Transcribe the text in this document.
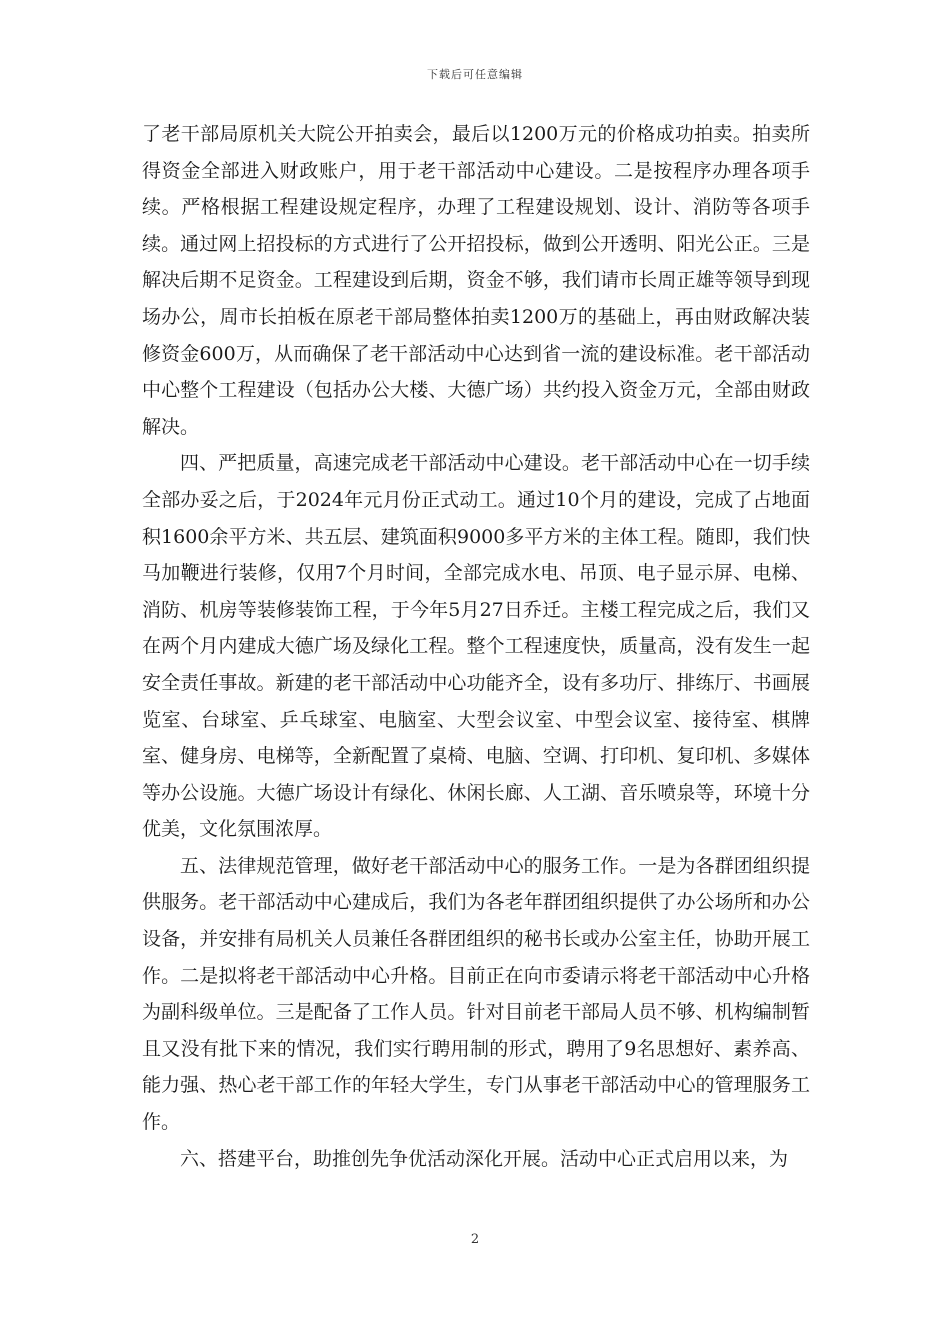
下载后可任意编辑

了老干部局原机关大院公开拍卖会，最后以1200万元的价格成功拍卖。拍卖所得资金全部进入财政账户，用于老干部活动中心建设。二是按程序办理各项手续。严格根据工程建设规定程序，办理了工程建设规划、设计、消防等各项手续。通过网上招投标的方式进行了公开招投标，做到公开透明、阳光公正。三是解决后期不足资金。工程建设到后期，资金不够，我们请市长周正雄等领导到现场办公，周市长拍板在原老干部局整体拍卖1200万的基础上，再由财政解决装修资金600万，从而确保了老干部活动中心达到省一流的建设标准。老干部活动中心整个工程建设（包括办公大楼、大德广场）共约投入资金万元，全部由财政解决。

四、严把质量，高速完成老干部活动中心建设。老干部活动中心在一切手续全部办妥之后，于2024年元月份正式动工。通过10个月的建设，完成了占地面积1600余平方米、共五层、建筑面积9000多平方米的主体工程。随即，我们快马加鞭进行装修，仅用7个月时间，全部完成水电、吊顶、电子显示屏、电梯、消防、机房等装修装饰工程，于今年5月27日乔迁。主楼工程完成之后，我们又在两个月内建成大德广场及绿化工程。整个工程速度快，质量高，没有发生一起安全责任事故。新建的老干部活动中心功能齐全，设有多功厅、排练厅、书画展览室、台球室、乒乓球室、电脑室、大型会议室、中型会议室、接待室、棋牌室、健身房、电梯等，全新配置了桌椅、电脑、空调、打印机、复印机、多媒体等办公设施。大德广场设计有绿化、休闲长廊、人工湖、音乐喷泉等，环境十分优美，文化氛围浓厚。

五、法律规范管理，做好老干部活动中心的服务工作。一是为各群团组织提供服务。老干部活动中心建成后，我们为各老年群团组织提供了办公场所和办公设备，并安排有局机关人员兼任各群团组织的秘书长或办公室主任，协助开展工作。二是拟将老干部活动中心升格。目前正在向市委请示将老干部活动中心升格为副科级单位。三是配备了工作人员。针对目前老干部局人员不够、机构编制暂且又没有批下来的情况，我们实行聘用制的形式，聘用了9名思想好、素养高、能力强、热心老干部工作的年轻大学生，专门从事老干部活动中心的管理服务工作。

六、搭建平台，助推创先争优活动深化开展。活动中心正式启用以来，为

2
